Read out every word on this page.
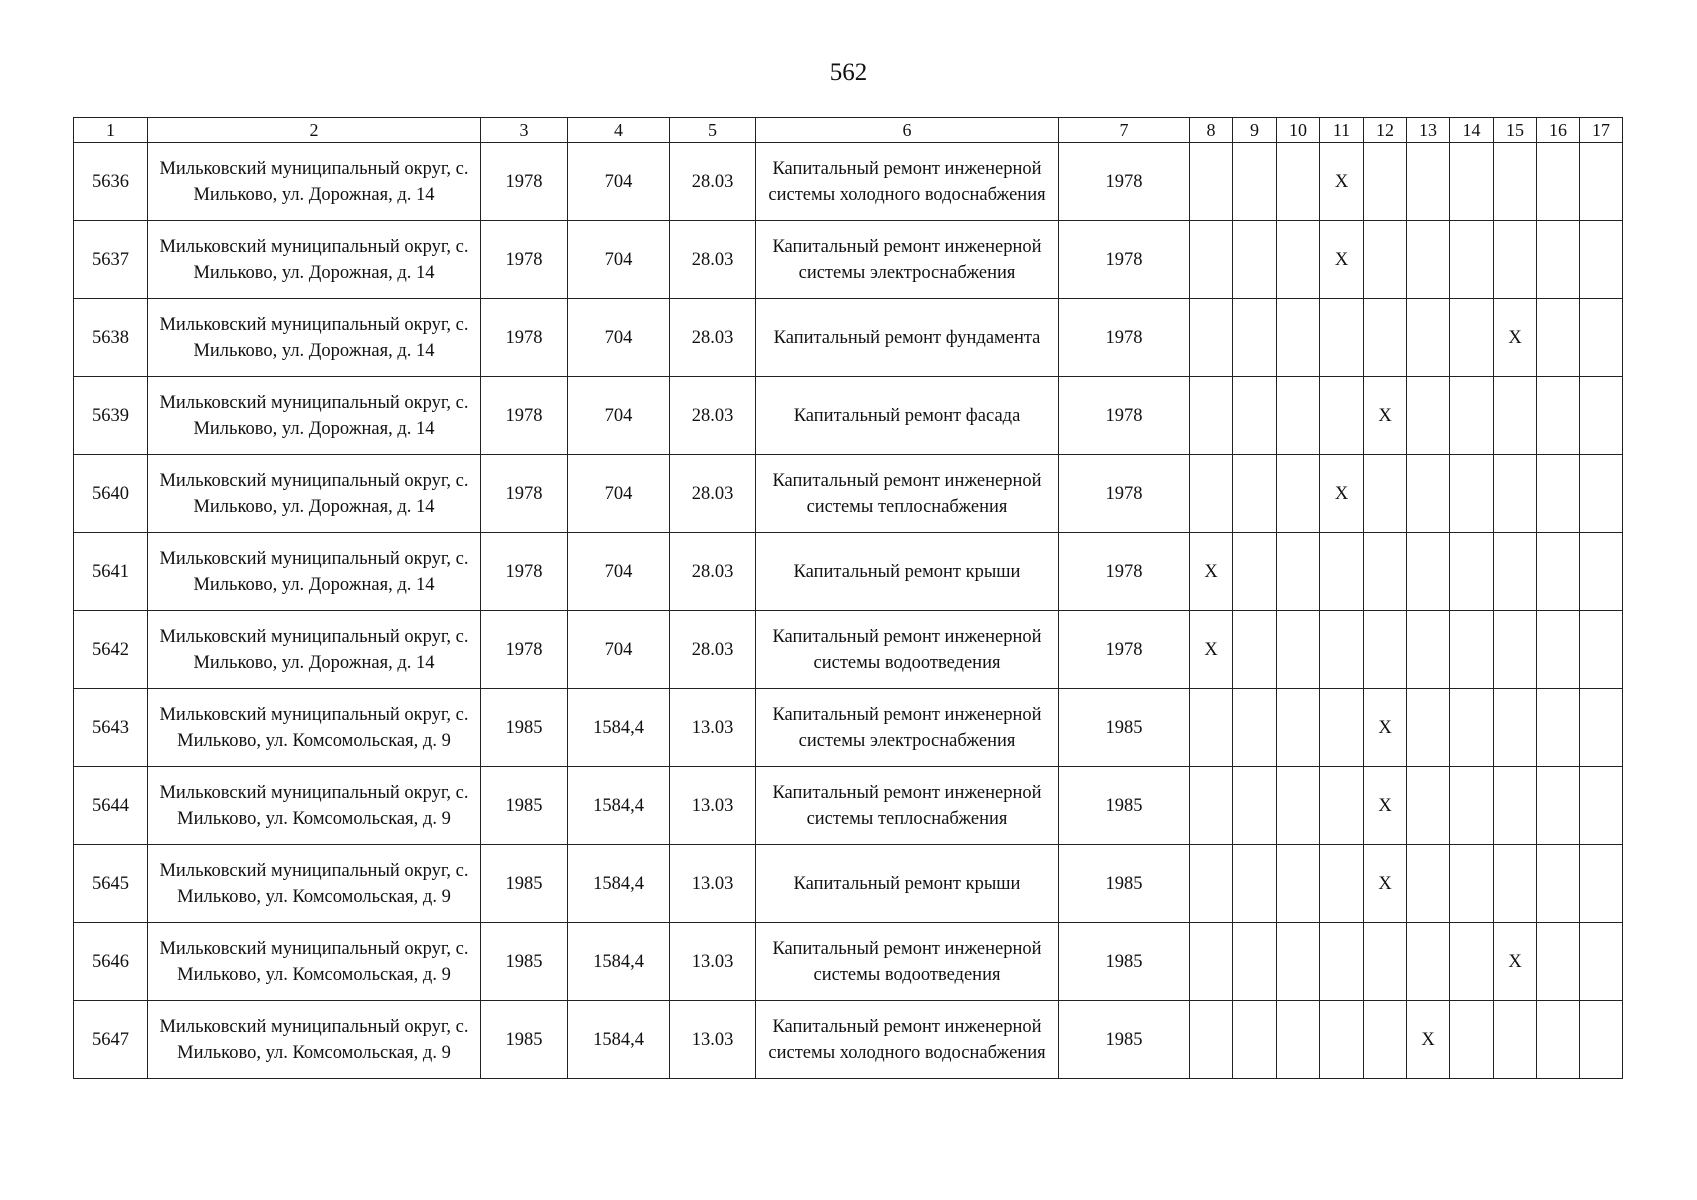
562
1	2	3	4	5	6	7	8	9	10	11	12	13	14	15	16	17
5636	Мильковский муниципальный округ, с. Мильково, ул. Дорожная, д. 14	1978	704	28.03	Капитальный ремонт инженерной системы холодного водоснабжения	1978				X						
5637	Мильковский муниципальный округ, с. Мильково, ул. Дорожная, д. 14	1978	704	28.03	Капитальный ремонт инженерной системы электроснабжения	1978				X						
5638	Мильковский муниципальный округ, с. Мильково, ул. Дорожная, д. 14	1978	704	28.03	Капитальный ремонт фундамента	1978								X		
5639	Мильковский муниципальный округ, с. Мильково, ул. Дорожная, д. 14	1978	704	28.03	Капитальный ремонт фасада	1978					X					
5640	Мильковский муниципальный округ, с. Мильково, ул. Дорожная, д. 14	1978	704	28.03	Капитальный ремонт инженерной системы теплоснабжения	1978				X						
5641	Мильковский муниципальный округ, с. Мильково, ул. Дорожная, д. 14	1978	704	28.03	Капитальный ремонт крыши	1978	X									
5642	Мильковский муниципальный округ, с. Мильково, ул. Дорожная, д. 14	1978	704	28.03	Капитальный ремонт инженерной системы водоотведения	1978	X									
5643	Мильковский муниципальный округ, с. Мильково, ул. Комсомольская, д. 9	1985	1584,4	13.03	Капитальный ремонт инженерной системы электроснабжения	1985					X					
5644	Мильковский муниципальный округ, с. Мильково, ул. Комсомольская, д. 9	1985	1584,4	13.03	Капитальный ремонт инженерной системы теплоснабжения	1985					X					
5645	Мильковский муниципальный округ, с. Мильково, ул. Комсомольская, д. 9	1985	1584,4	13.03	Капитальный ремонт крыши	1985					X					
5646	Мильковский муниципальный округ, с. Мильково, ул. Комсомольская, д. 9	1985	1584,4	13.03	Капитальный ремонт инженерной системы водоотведения	1985								X		
5647	Мильковский муниципальный округ, с. Мильково, ул. Комсомольская, д. 9	1985	1584,4	13.03	Капитальный ремонт инженерной системы холодного водоснабжения	1985						X				
